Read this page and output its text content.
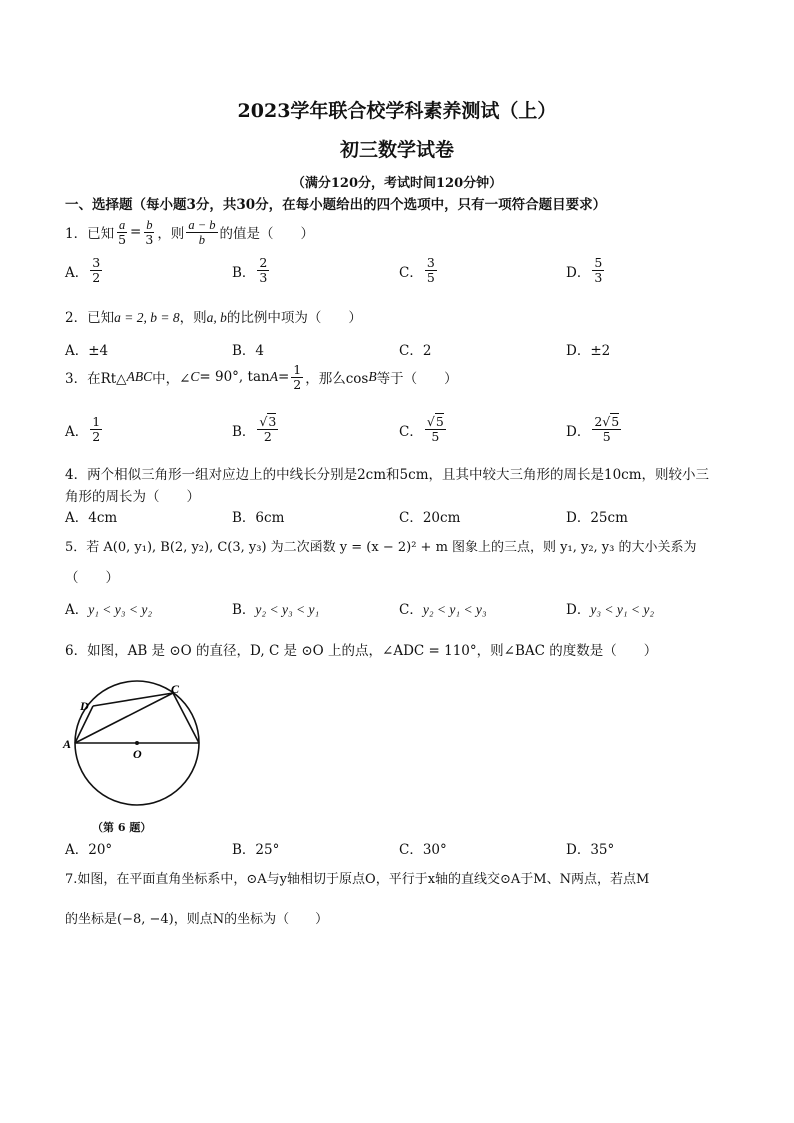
2023学年联合校学科素养测试（上）
初三数学试卷
（满分120分，考试时间120分钟）
一、选择题（每小题3分，共30分，在每小题给出的四个选项中，只有一项符合题目要求）
1． 已知 $\frac{a}{5} = \frac{b}{3}$ ，则 $\frac{a - b}{b}$ 的值是（　　）
A． $\frac{3}{2}$	B． $\frac{2}{3}$	C． $\frac{3}{5}$	D． $\frac{5}{3}$
2．已知a = 2, b = 8，则a, b的比例中项为（　　）
A．±4	B．4	C．2	D．±2
3． 在Rt△ ABC 中，∠ C = 90°, $\tan A = \frac{1}{2}$ ，那么cos B 等于（　　）
A． $\frac{1}{2}$	B． $\frac{√3}{2}$	C． $\frac{√5}{5}$	D． $\frac{2√5}{5}$
4．两个相似三角形一组对应边上的中线长分别是2cm和5cm，且其中较大三角形的周长是10cm，则较小三
角形的周长为（　　）
A．4cm	B．6cm	C．20cm	D．25cm
5．若 A(0, y₁), B(2, y₂), C(3, y₃) 为二次函数 y = (x − 2)² + m 图象上的三点，则 y₁, y₂, y₃ 的大小关系为
（　　）
A．y₁ < y₃ < y₂	B．y₂ < y₃ < y₁	C．y₂ < y₁ < y₃	D．y₃ < y₁ < y₂
6．如图，AB 是 ⊙O 的直径，D, C 是 ⊙O 上的点，∠ADC = 110°，则∠BAC 的度数是（　　）
A
D
C
O
（第 6 题）
A．20°	B．25°	C．30°	D．35°
7.如图，在平面直角坐标系中，⊙A与y轴相切于原点O，平行于x轴的直线交⊙A于M、N两点，若点M
的坐标是(−8, −4)，则点N的坐标为（　　）
